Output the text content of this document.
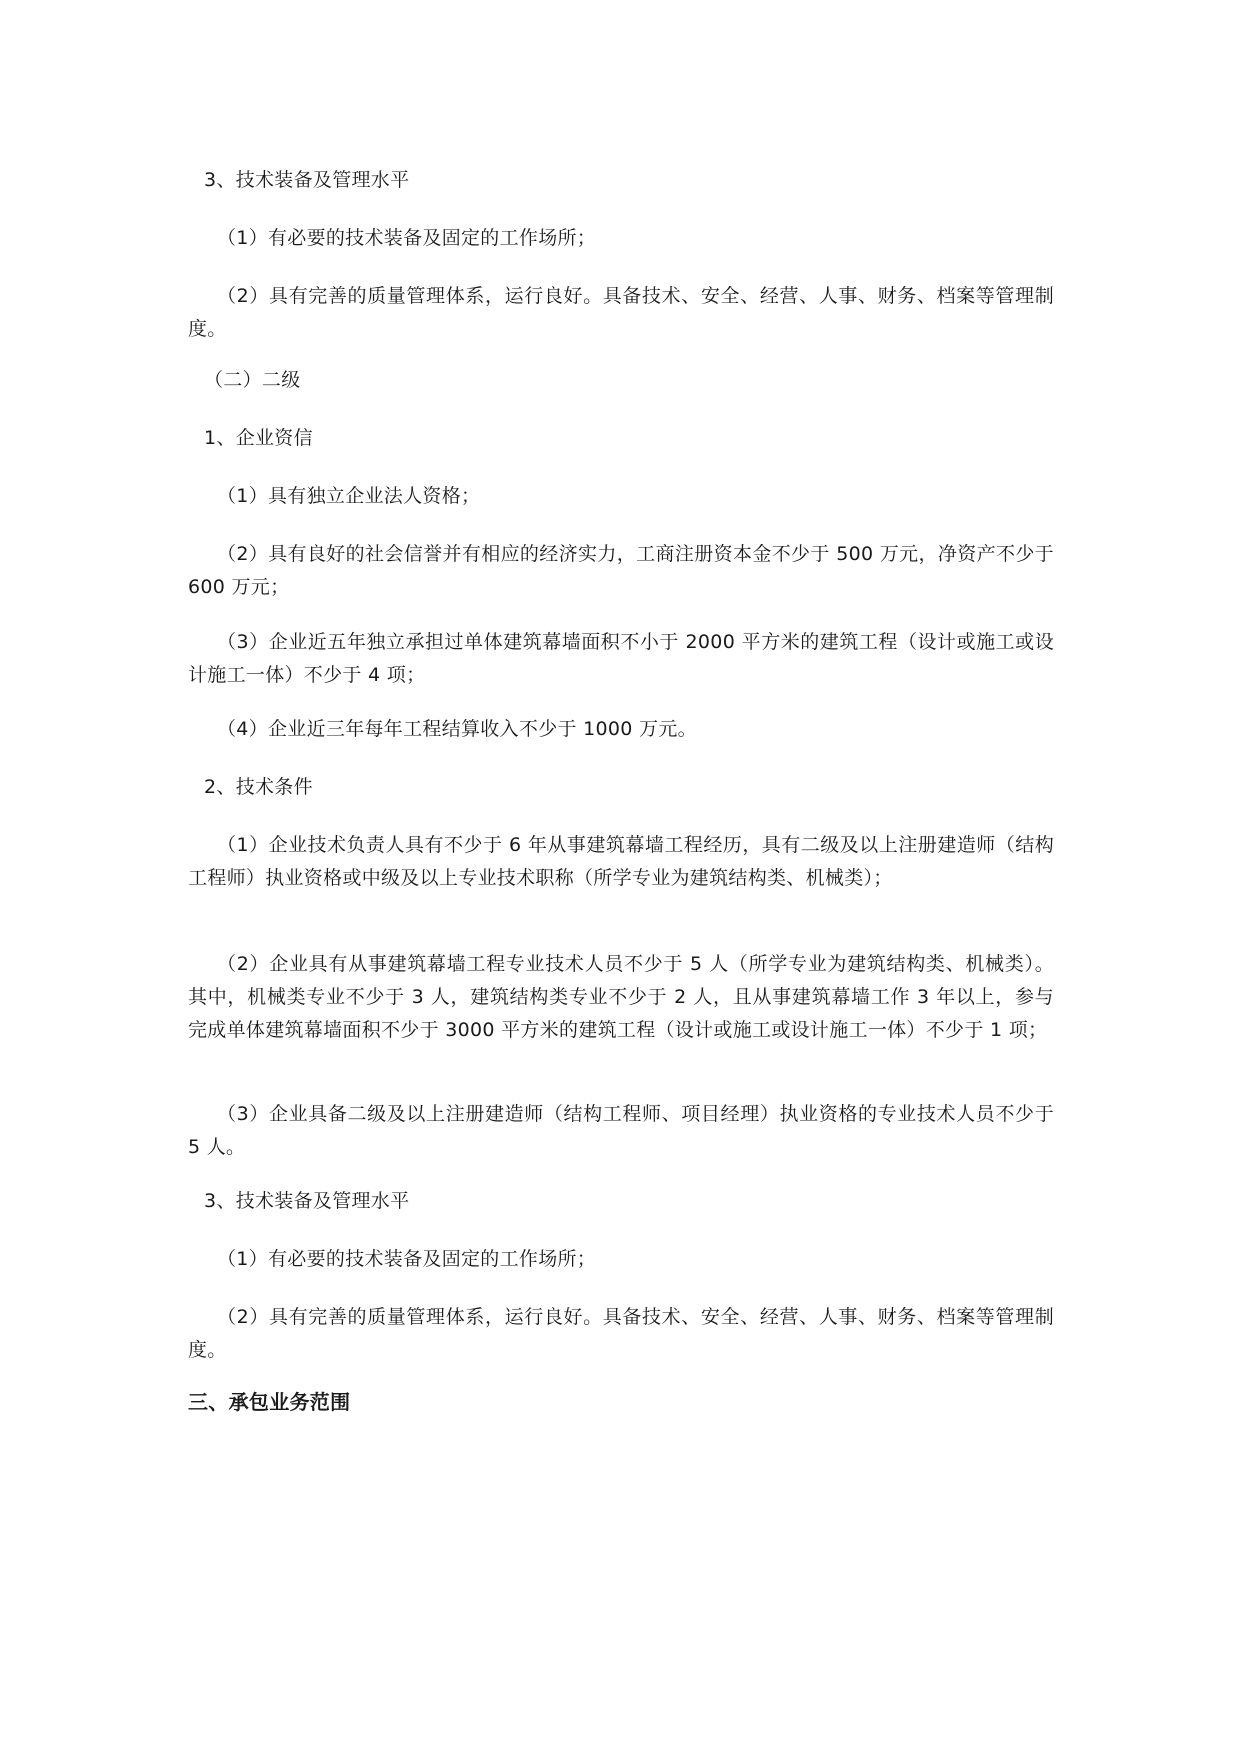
3、技术装备及管理水平

（1）有必要的技术装备及固定的工作场所；

（2）具有完善的质量管理体系，运行良好。具备技术、安全、经营、人事、财务、档案等管理制度。

（二）二级

1、企业资信

（1）具有独立企业法人资格；

（2）具有良好的社会信誉并有相应的经济实力，工商注册资本金不少于 500 万元，净资产不少于 600 万元；

（3）企业近五年独立承担过单体建筑幕墙面积不小于 2000 平方米的建筑工程（设计或施工或设计施工一体）不少于 4 项；

（4）企业近三年每年工程结算收入不少于 1000 万元。

2、技术条件

（1）企业技术负责人具有不少于 6 年从事建筑幕墙工程经历，具有二级及以上注册建造师（结构工程师）执业资格或中级及以上专业技术职称（所学专业为建筑结构类、机械类）；

（2）企业具有从事建筑幕墙工程专业技术人员不少于 5 人（所学专业为建筑结构类、机械类）。其中，机械类专业不少于 3 人，建筑结构类专业不少于 2 人，且从事建筑幕墙工作 3 年以上，参与完成单体建筑幕墙面积不少于 3000 平方米的建筑工程（设计或施工或设计施工一体）不少于 1 项；

（3）企业具备二级及以上注册建造师（结构工程师、项目经理）执业资格的专业技术人员不少于 5 人。

3、技术装备及管理水平

（1）有必要的技术装备及固定的工作场所；

（2）具有完善的质量管理体系，运行良好。具备技术、安全、经营、人事、财务、档案等管理制度。

三、承包业务范围
